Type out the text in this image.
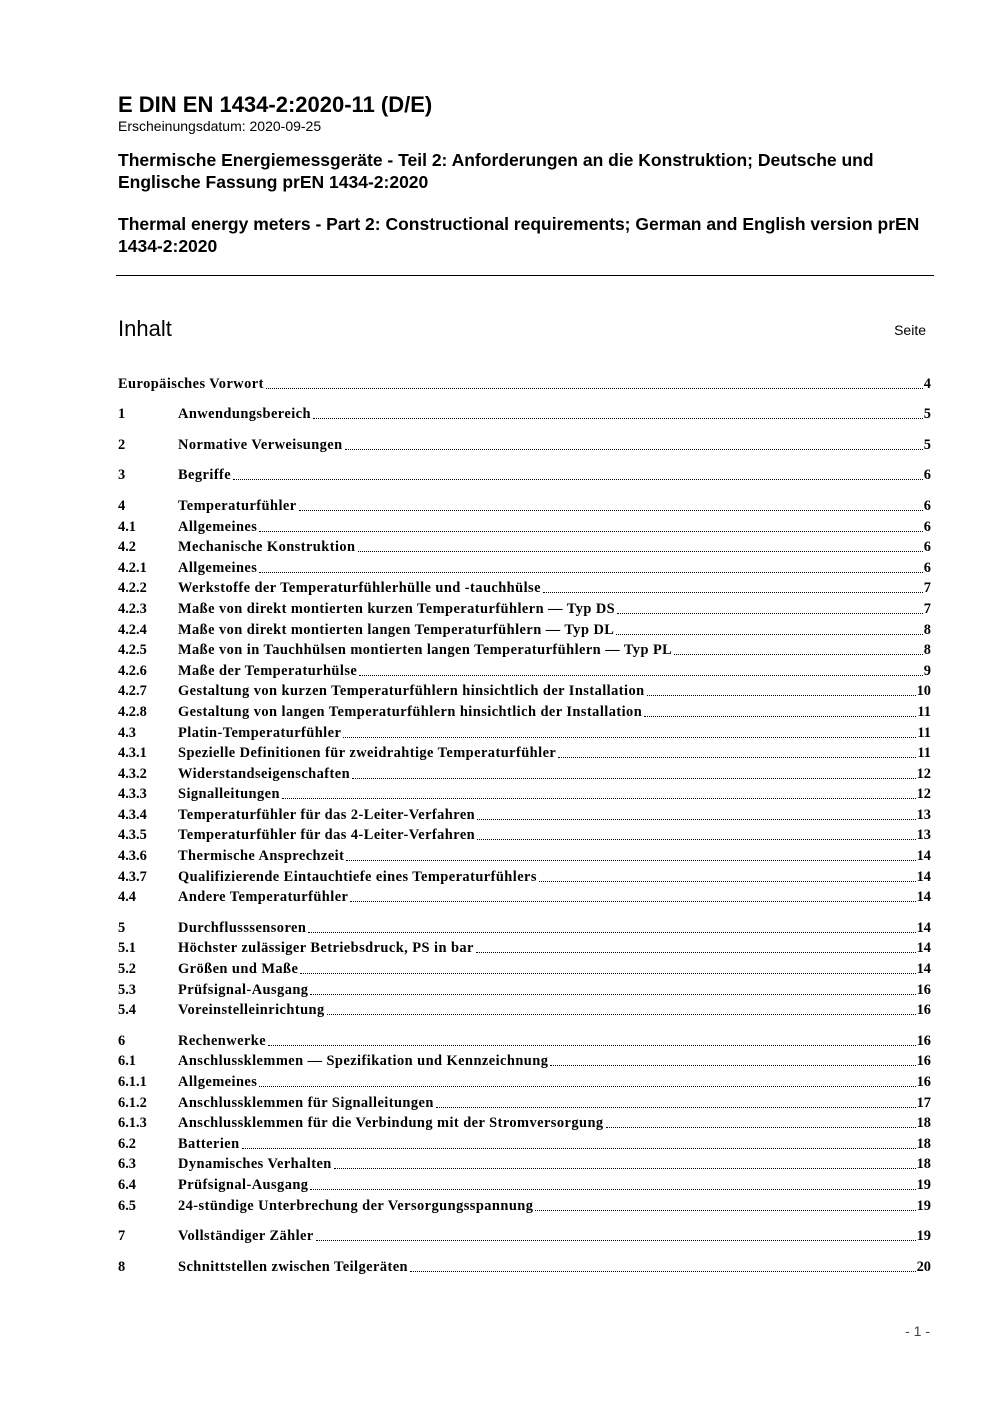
E DIN EN 1434-2:2020-11 (D/E)

Erscheinungsdatum: 2020-09-25

Thermische Energiemessgeräte - Teil 2: Anforderungen an die Konstruktion; Deutsche und Englische Fassung prEN 1434-2:2020

Thermal energy meters - Part 2: Constructional requirements; German and English version prEN 1434-2:2020

Inhalt	Seite
Europäisches Vorwort	4
1	Anwendungsbereich	5
2	Normative Verweisungen	5
3	Begriffe	6
4	Temperaturfühler	6
4.1	Allgemeines	6
4.2	Mechanische Konstruktion	6
4.2.1	Allgemeines	6
4.2.2	Werkstoffe der Temperaturfühlerhülle und -tauchhülse	7
4.2.3	Maße von direkt montierten kurzen Temperaturfühlern — Typ DS	7
4.2.4	Maße von direkt montierten langen Temperaturfühlern — Typ DL	8
4.2.5	Maße von in Tauchhülsen montierten langen Temperaturfühlern — Typ PL	8
4.2.6	Maße der Temperaturhülse	9
4.2.7	Gestaltung von kurzen Temperaturfühlern hinsichtlich der Installation	10
4.2.8	Gestaltung von langen Temperaturfühlern hinsichtlich der Installation	11
4.3	Platin-Temperaturfühler	11
4.3.1	Spezielle Definitionen für zweidrahtige Temperaturfühler	11
4.3.2	Widerstandseigenschaften	12
4.3.3	Signalleitungen	12
4.3.4	Temperaturfühler für das 2-Leiter-Verfahren	13
4.3.5	Temperaturfühler für das 4-Leiter-Verfahren	13
4.3.6	Thermische Ansprechzeit	14
4.3.7	Qualifizierende Eintauchtiefe eines Temperaturfühlers	14
4.4	Andere Temperaturfühler	14
5	Durchflusssensoren	14
5.1	Höchster zulässiger Betriebsdruck, PS in bar	14
5.2	Größen und Maße	14
5.3	Prüfsignal-Ausgang	16
5.4	Voreinstelleinrichtung	16
6	Rechenwerke	16
6.1	Anschlussklemmen — Spezifikation und Kennzeichnung	16
6.1.1	Allgemeines	16
6.1.2	Anschlussklemmen für Signalleitungen	17
6.1.3	Anschlussklemmen für die Verbindung mit der Stromversorgung	18
6.2	Batterien	18
6.3	Dynamisches Verhalten	18
6.4	Prüfsignal-Ausgang	19
6.5	24-stündige Unterbrechung der Versorgungsspannung	19
7	Vollständiger Zähler	19
8	Schnittstellen zwischen Teilgeräten	20
- 1 -
